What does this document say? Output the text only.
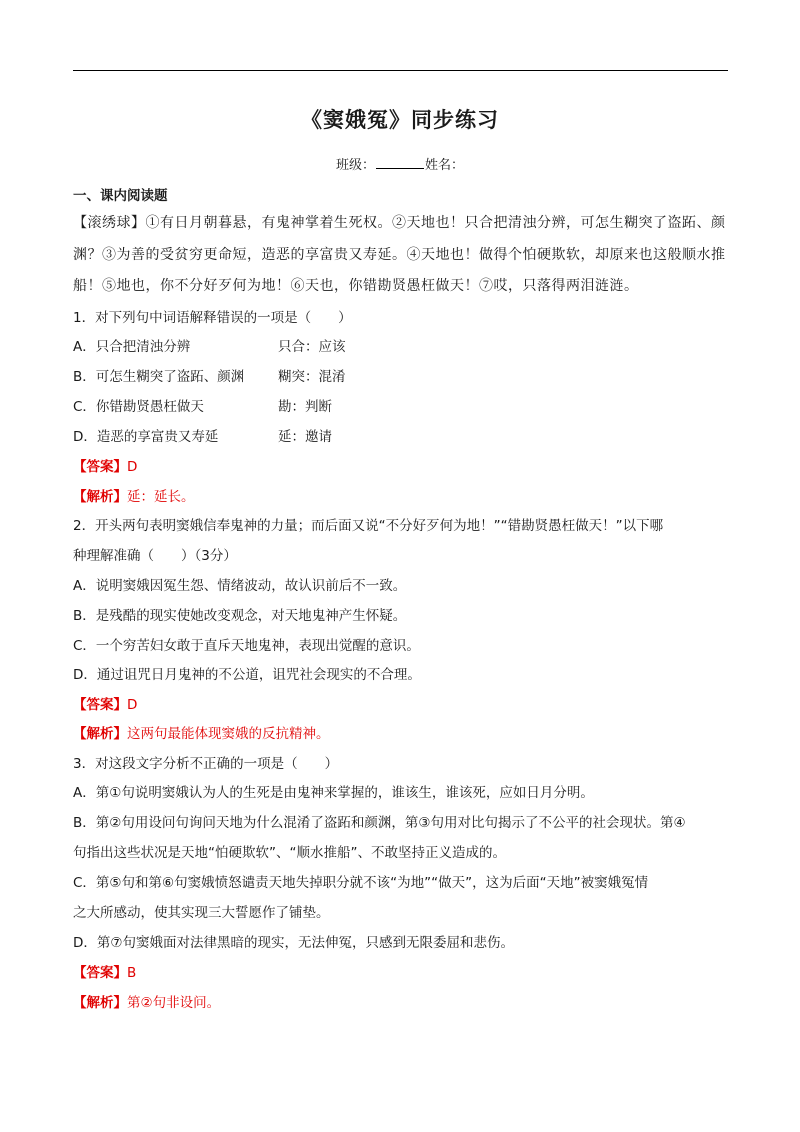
《窦娥冤》同步练习
班级：	姓名：
一、课内阅读题
【滚绣球】①有日月朝暮悬，有鬼神掌着生死权。②天地也！只合把清浊分辨，可怎生糊突了盗跖、颜渊？③为善的受贫穷更命短，造恶的享富贵又寿延。④天地也！做得个怕硬欺软，却原来也这般顺水推船！⑤地也，你不分好歹何为地！⑥天也，你错勘贤愚枉做天！⑦哎，只落得两泪涟涟。
1．对下列句中词语解释错误的一项是（　　）
A．只合把清浊分辨	只合：应该
B．可怎生糊突了盗跖、颜渊 糊突：混淆
C．你错勘贤愚枉做天	勘：判断
D．造恶的享富贵又寿延	延：邀请
【答案】D
【解析】延：延长。
2．开头两句表明窦娥信奉鬼神的力量；而后面又说“不分好歹何为地！”“错勘贤愚枉做天！”以下哪
种理解准确（　　）（3分）
A．说明窦娥因冤生怨、情绪波动，故认识前后不一致。
B．是残酷的现实使她改变观念，对天地鬼神产生怀疑。
C．一个穷苦妇女敢于直斥天地鬼神，表现出觉醒的意识。
D．通过诅咒日月鬼神的不公道，诅咒社会现实的不合理。
【答案】D
【解析】这两句最能体现窦娥的反抗精神。
3．对这段文字分析不正确的一项是（　　）
A．第①句说明窦娥认为人的生死是由鬼神来掌握的，谁该生，谁该死，应如日月分明。
B．第②句用设问句询问天地为什么混淆了盗跖和颜渊，第③句用对比句揭示了不公平的社会现状。第④
句指出这些状况是天地“怕硬欺软”、“顺水推船”、不敢坚持正义造成的。
C．第⑤句和第⑥句窦娥愤怒谴责天地失掉职分就不该“为地”“做天”，这为后面“天地”被窦娥冤情
之大所感动，使其实现三大誓愿作了铺垫。
D．第⑦句窦娥面对法律黑暗的现实，无法伸冤，只感到无限委屈和悲伤。
【答案】B
【解析】第②句非设问。
